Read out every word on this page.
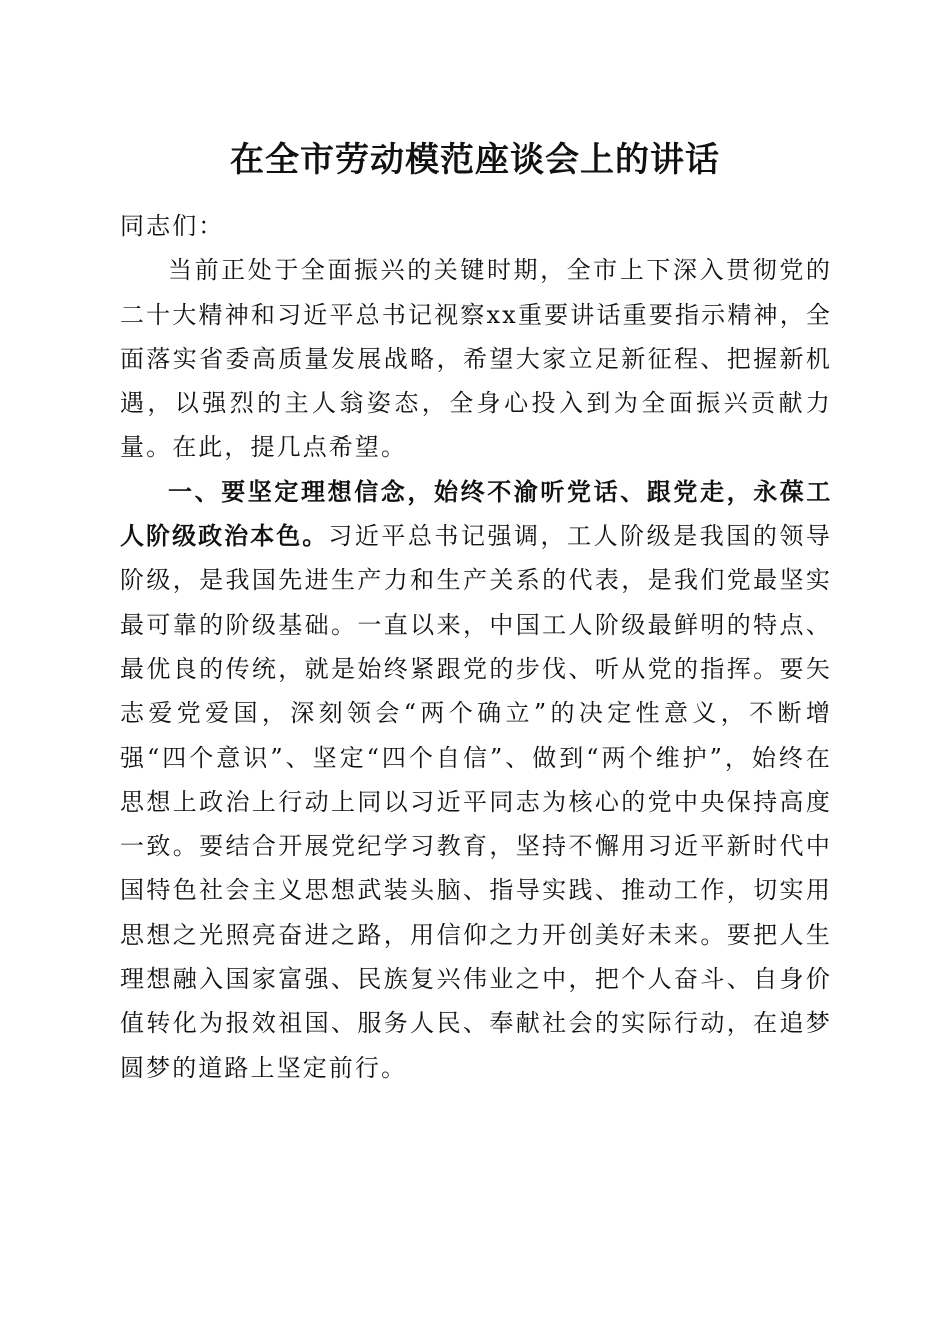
在全市劳动模范座谈会上的讲话

同志们：

当前正处于全面振兴的关键时期，全市上下深入贯彻党的二十大精神和习近平总书记视察xx重要讲话重要指示精神，全面落实省委高质量发展战略，希望大家立足新征程、把握新机遇，以强烈的主人翁姿态，全身心投入到为全面振兴贡献力量。在此，提几点希望。

一、要坚定理想信念，始终不渝听党话、跟党走，永葆工人阶级政治本色。习近平总书记强调，工人阶级是我国的领导阶级，是我国先进生产力和生产关系的代表，是我们党最坚实最可靠的阶级基础。一直以来，中国工人阶级最鲜明的特点、最优良的传统，就是始终紧跟党的步伐、听从党的指挥。要矢志爱党爱国，深刻领会“两个确立”的决定性意义，不断增强“四个意识”、坚定“四个自信”、做到“两个维护”，始终在思想上政治上行动上同以习近平同志为核心的党中央保持高度一致。要结合开展党纪学习教育，坚持不懈用习近平新时代中国特色社会主义思想武装头脑、指导实践、推动工作，切实用思想之光照亮奋进之路，用信仰之力开创美好未来。要把人生理想融入国家富强、民族复兴伟业之中，把个人奋斗、自身价值转化为报效祖国、服务人民、奉献社会的实际行动，在追梦圆梦的道路上坚定前行。
